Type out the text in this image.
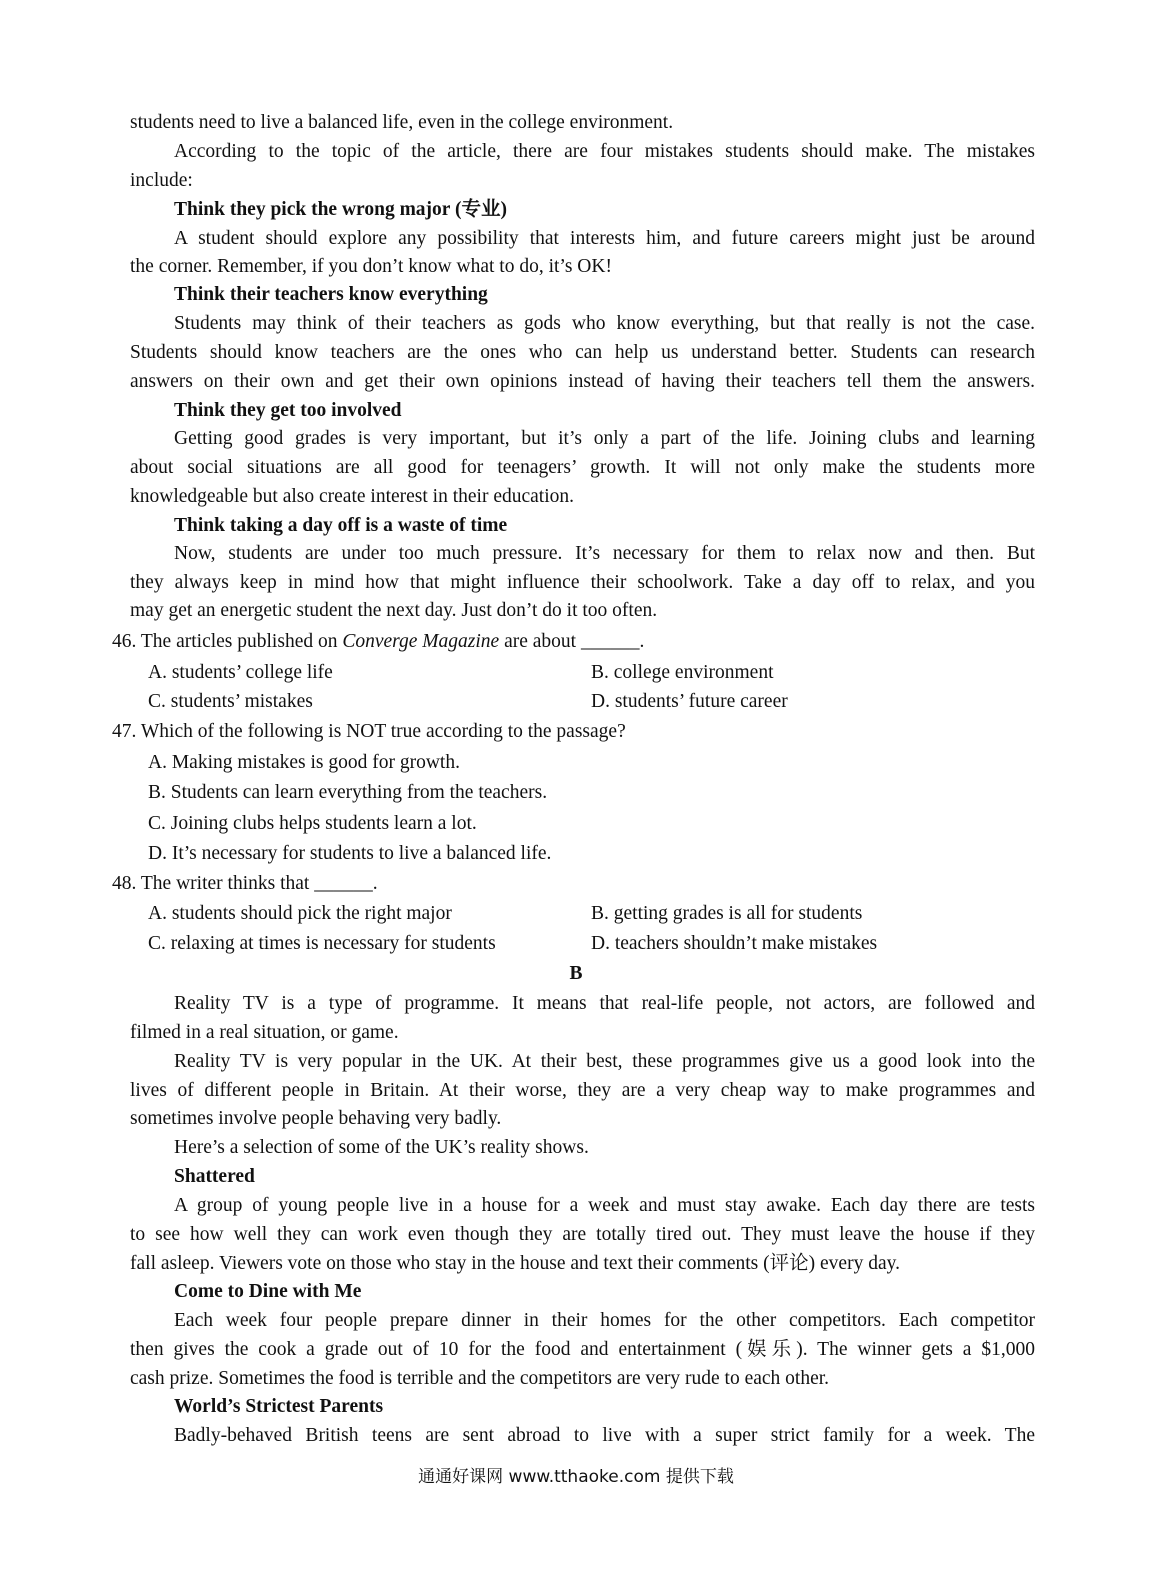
students need to live a balanced life, even in the college environment.
According to the topic of the article, there are four mistakes students should make. The mistakes
include:
Think they pick the wrong major (专业)
A student should explore any possibility that interests him, and future careers might just be around
the corner. Remember, if you don’t know what to do, it’s OK!
Think their teachers know everything
Students may think of their teachers as gods who know everything, but that really is not the case.
Students should know teachers are the ones who can help us understand better. Students can research
answers on their own and get their own opinions instead of having their teachers tell them the answers.
Think they get too involved
Getting good grades is very important, but it’s only a part of the life. Joining clubs and learning
about social situations are all good for teenagers’ growth. It will not only make the students more
knowledgeable but also create interest in their education.
Think taking a day off is a waste of time
Now, students are under too much pressure. It’s necessary for them to relax now and then. But
they always keep in mind how that might influence their schoolwork. Take a day off to relax, and you
may get an energetic student the next day. Just don’t do it too often.
46. The articles published on Converge Magazine are about ______.
A. students’ college life	B. college environment
C. students’ mistakes	D. students’ future career
47. Which of the following is NOT true according to the passage?
A. Making mistakes is good for growth.
B. Students can learn everything from the teachers.
C. Joining clubs helps students learn a lot.
D. It’s necessary for students to live a balanced life.
48. The writer thinks that ______.
A. students should pick the right major	B. getting grades is all for students
C. relaxing at times is necessary for students	D. teachers shouldn’t make mistakes
B
Reality TV is a type of programme. It means that real-life people, not actors, are followed and
filmed in a real situation, or game.
Reality TV is very popular in the UK. At their best, these programmes give us a good look into the
lives of different people in Britain. At their worse, they are a very cheap way to make programmes and
sometimes involve people behaving very badly.
Here’s a selection of some of the UK’s reality shows.
Shattered
A group of young people live in a house for a week and must stay awake. Each day there are tests
to see how well they can work even though they are totally tired out. They must leave the house if they
fall asleep. Viewers vote on those who stay in the house and text their comments (评论) every day.
Come to Dine with Me
Each week four people prepare dinner in their homes for the other competitors. Each competitor
then gives the cook a grade out of 10 for the food and entertainment (娱乐). The winner gets a $1,000
cash prize. Sometimes the food is terrible and the competitors are very rude to each other.
World’s Strictest Parents
Badly-behaved British teens are sent abroad to live with a super strict family for a week. The
通通好课网 www.tthaoke.com 提供下载
